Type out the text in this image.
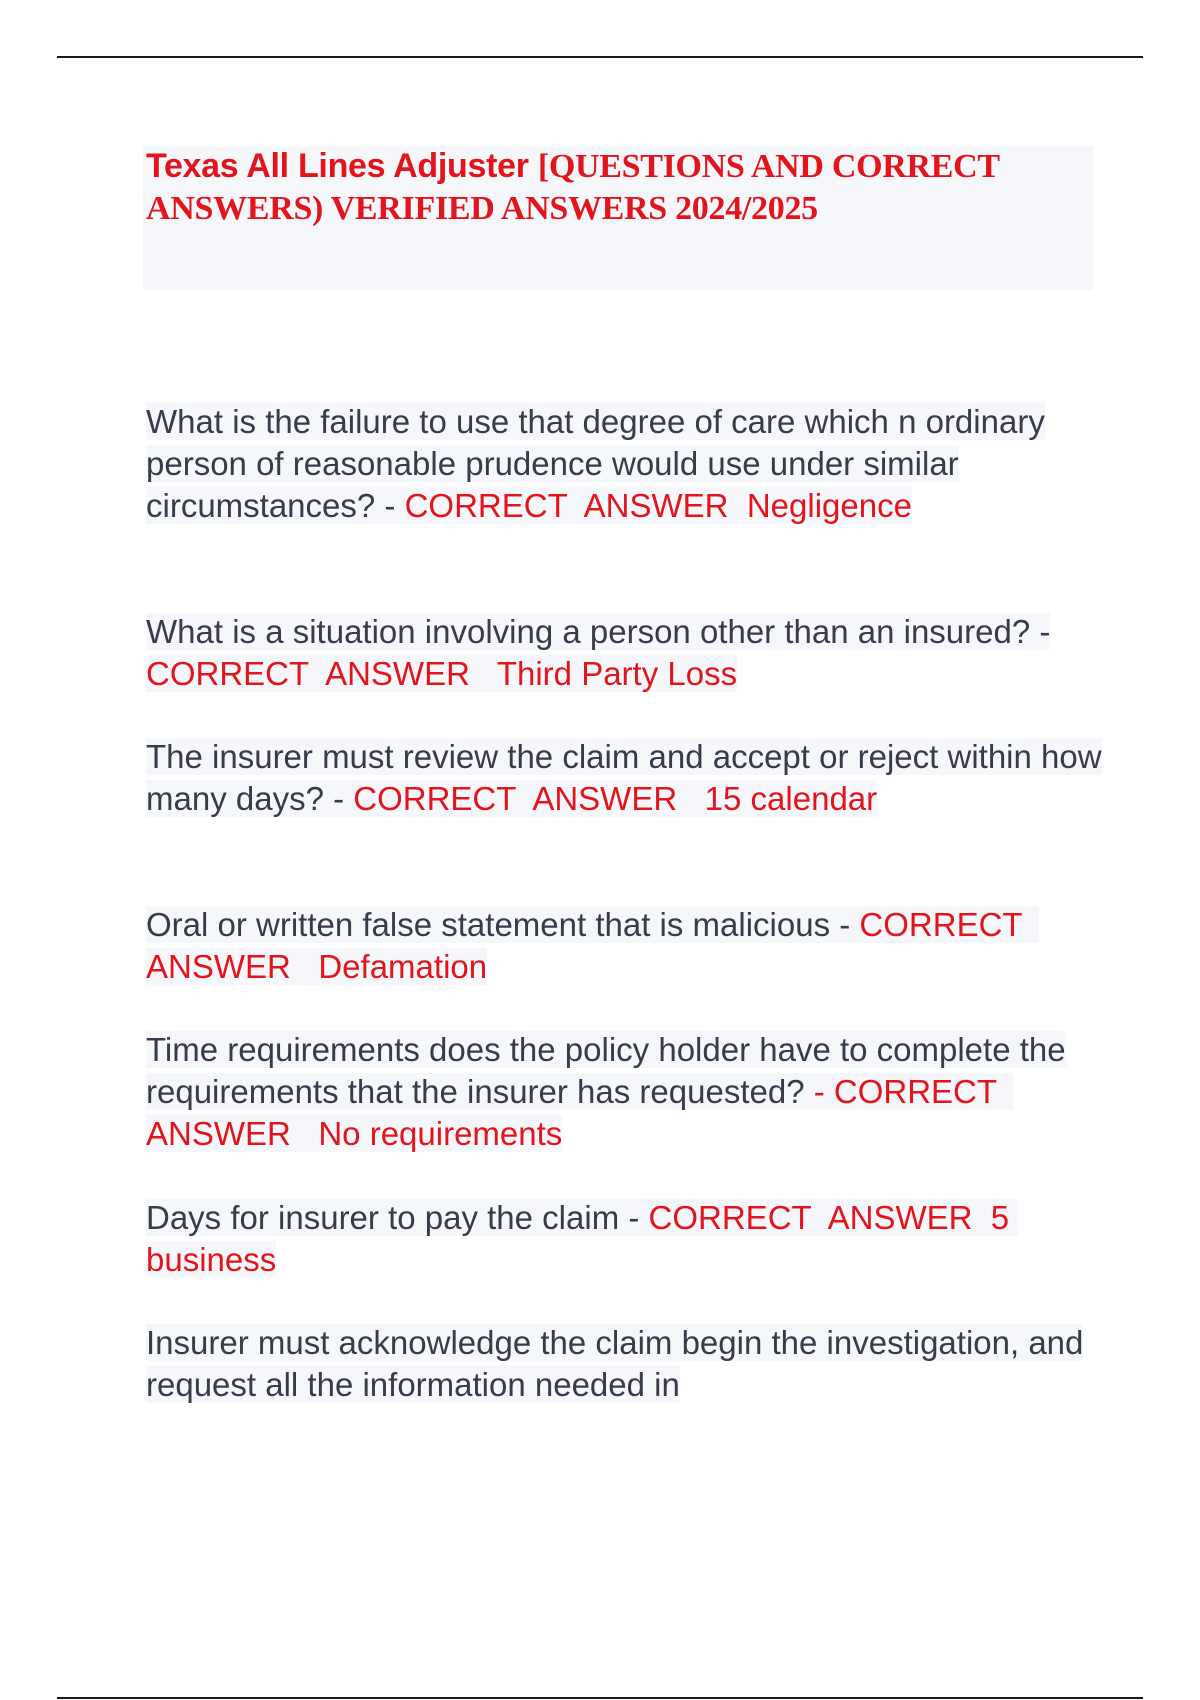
Texas All Lines Adjuster [QUESTIONS AND CORRECT ANSWERS) VERIFIED ANSWERS 2024/2025

What is the failure to use that degree of care which n ordinary person of reasonable prudence would use under similar circumstances? - CORRECT  ANSWER  Negligence

What is a situation involving a person other than an insured? - CORRECT  ANSWER   Third Party Loss

The insurer must review the claim and accept or reject within how many days? - CORRECT  ANSWER   15 calendar

Oral or written false statement that is malicious - CORRECT  ANSWER   Defamation

Time requirements does the policy holder have to complete the requirements that the insurer has requested? - CORRECT  ANSWER   No requirements

Days for insurer to pay the claim - CORRECT  ANSWER  5 business

Insurer must acknowledge the claim begin the investigation, and request all the information needed in
